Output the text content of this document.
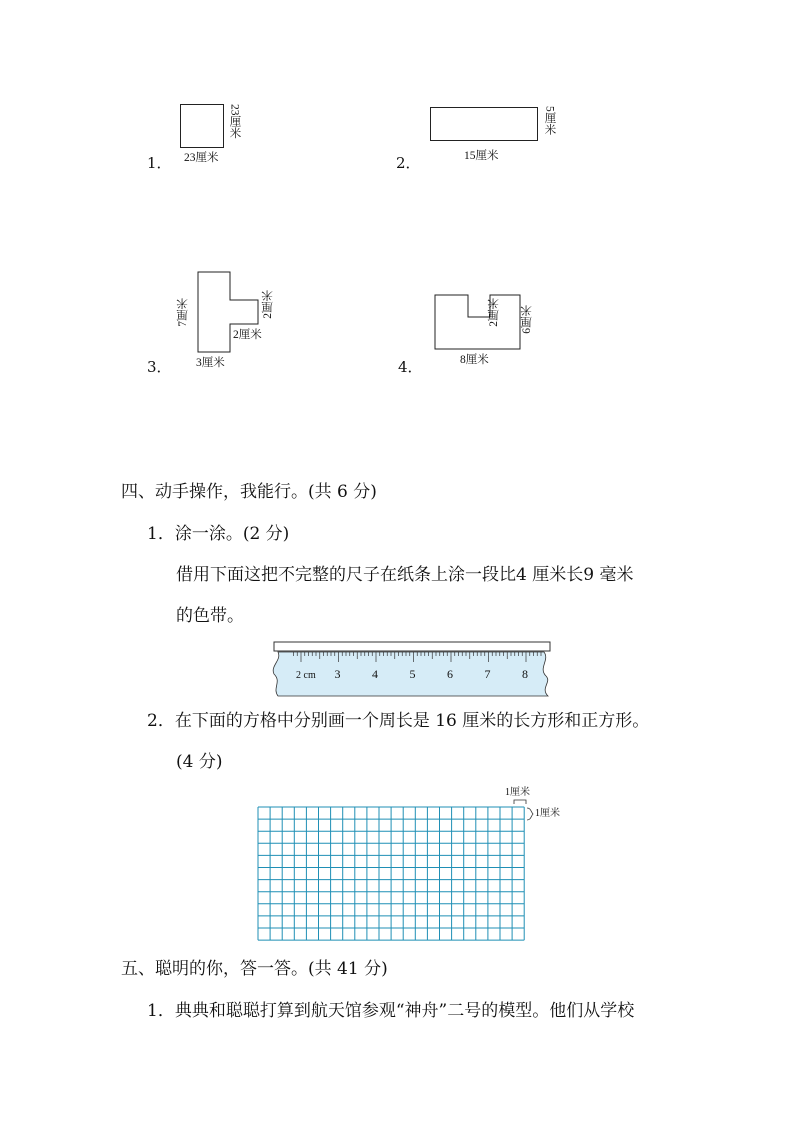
23厘米
23厘米
1．
5厘米
15厘米
2．
7厘米	2厘米
2厘米
3厘米
3．
2厘米 6厘米
8厘米
4．
四、动手操作，我能行。(共 6 分)
1．涂一涂。(2 分)
借用下面这把不完整的尺子在纸条上涂一段比4 厘米长9 毫米
的色带。
2 cm 3	4	5	6	7	8
2．在下面的方格中分别画一个周长是 16 厘米的长方形和正方形。
(4 分)
1厘米
1厘米
五、聪明的你，答一答。(共 41 分)
1．典典和聪聪打算到航天馆参观“神舟”二号的模型。他们从学校
